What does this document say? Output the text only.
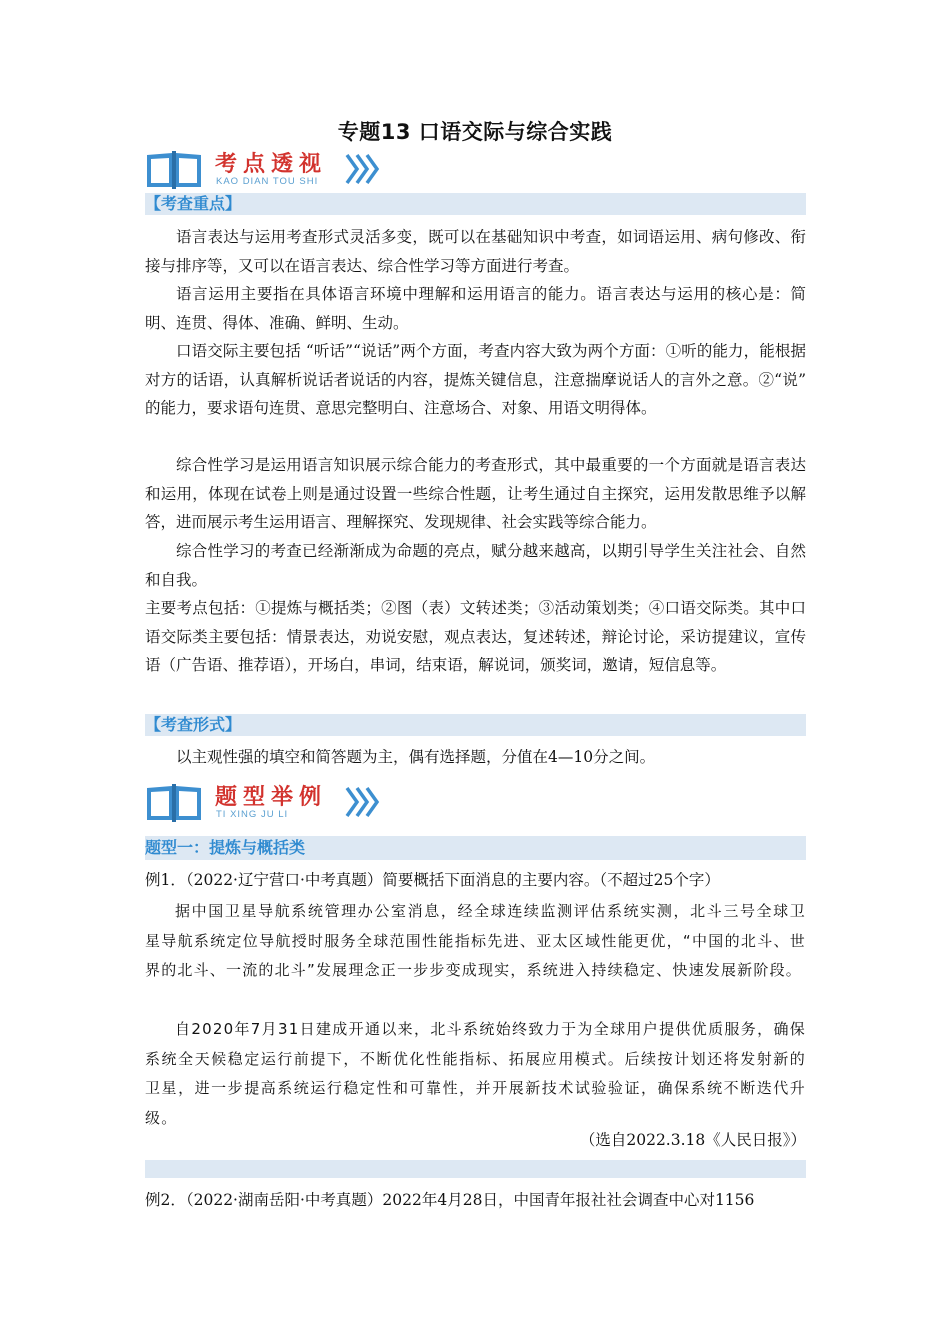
专题13 口语交际与综合实践
考点透视
KAO DIAN TOU SHI
【考查重点】

语言表达与运用考查形式灵活多变，既可以在基础知识中考查，如词语运用、病句修改、衔接与排序等，又可以在语言表达、综合性学习等方面进行考查。

语言运用主要指在具体语言环境中理解和运用语言的能力。语言表达与运用的核心是：简明、连贯、得体、准确、鲜明、生动。

口语交际主要包括 “听话”“说话”两个方面，考查内容大致为两个方面：①听的能力，能根据对方的话语，认真解析说话者说话的内容，提炼关键信息，注意揣摩说话人的言外之意。②“说” 的能力，要求语句连贯、意思完整明白、注意场合、对象、用语文明得体。

综合性学习是运用语言知识展示综合能力的考查形式，其中最重要的一个方面就是语言表达和运用，体现在试卷上则是通过设置一些综合性题，让考生通过自主探究，运用发散思维予以解答，进而展示考生运用语言、理解探究、发现规律、社会实践等综合能力。

综合性学习的考查已经渐渐成为命题的亮点，赋分越来越高，以期引导学生关注社会、自然和自我。

主要考点包括：①提炼与概括类；②图（表）文转述类；③活动策划类；④口语交际类。其中口语交际类主要包括：情景表达，劝说安慰，观点表达，复述转述，辩论讨论，采访提建议，宣传语（广告语、推荐语），开场白，串词，结束语，解说词，颁奖词，邀请，短信息等。

【考查形式】

以主观性强的填空和简答题为主，偶有选择题，分值在4—10分之间。

题型举例
TI XING JU LI
题型一：提炼与概括类

例1．（2022·辽宁营口·中考真题）简要概括下面消息的主要内容。（不超过25个字）

据中国卫星导航系统管理办公室消息，经全球连续监测评估系统实测，北斗三号全球卫星导航系统定位导航授时服务全球范围性能指标先进、亚太区域性能更优，“中国的北斗、世界的北斗、一流的北斗”发展理念正一步步变成现实，系统进入持续稳定、快速发展新阶段。

自2020年7月31日建成开通以来，北斗系统始终致力于为全球用户提供优质服务，确保系统全天候稳定运行前提下，不断优化性能指标、拓展应用模式。后续按计划还将发射新的卫星，进一步提高系统运行稳定性和可靠性，并开展新技术试验验证，确保系统不断迭代升级。

（选自2022.3.18《人民日报》）

例2．（2022·湖南岳阳·中考真题）2022年4月28日，中国青年报社社会调查中心对1156
